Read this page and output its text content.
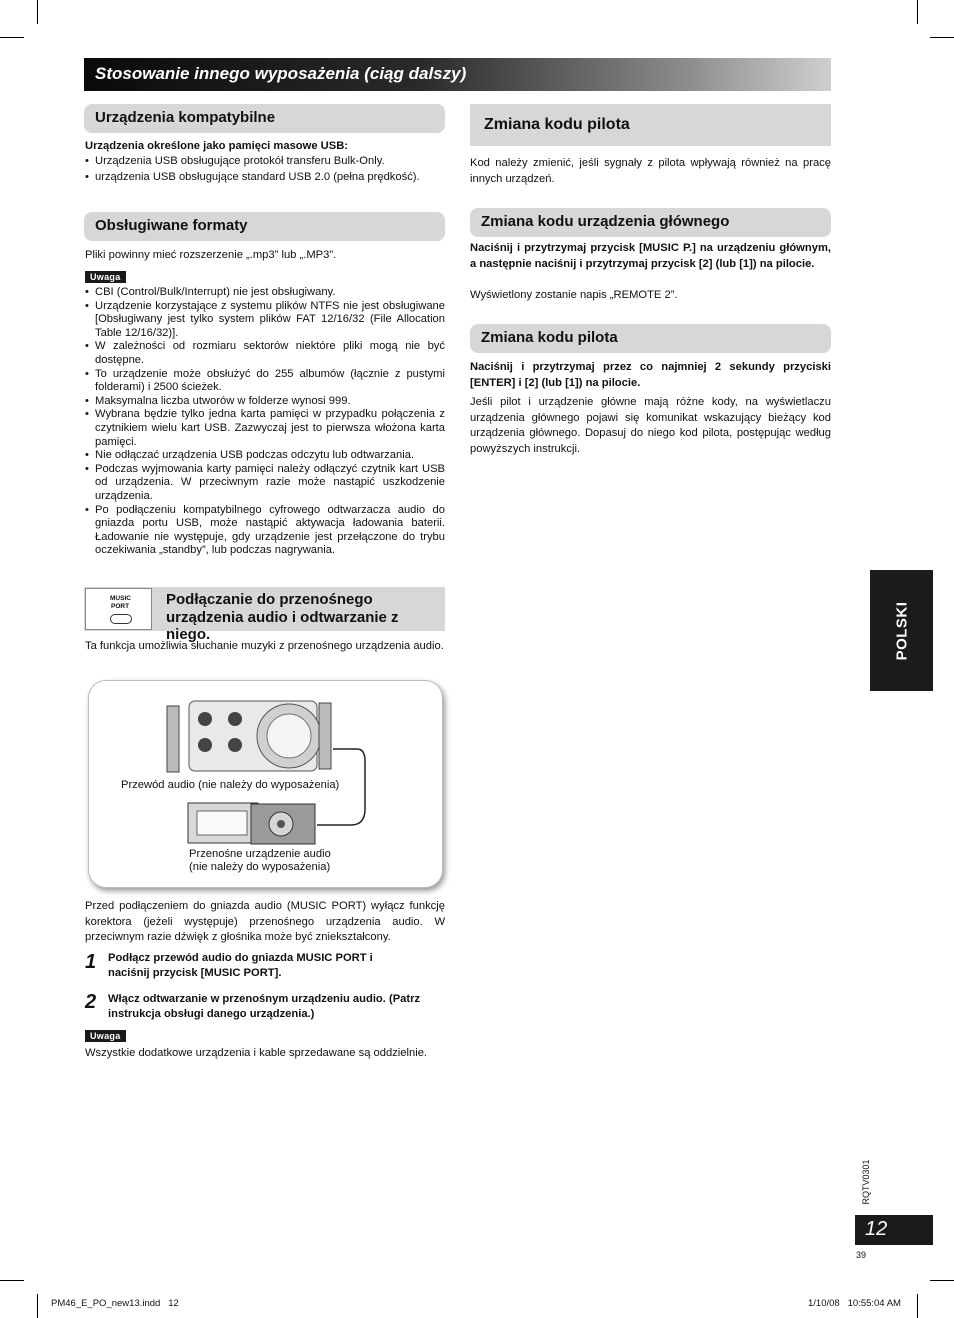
Stosowanie innego wyposażenia (ciąg dalszy)
Urządzenia kompatybilne
Urządzenia określone jako pamięci masowe USB:
• Urządzenia USB obsługujące protokół transferu Bulk-Only.
• urządzenia USB obsługujące standard USB 2.0 (pełna prędkość).
Obsługiwane formaty
Pliki powinny mieć rozszerzenie „.mp3” lub „.MP3”.
Uwaga
• CBI (Control/Bulk/Interrupt) nie jest obsługiwany.
• Urządzenie korzystające z systemu plików NTFS nie jest obsługiwane [Obsługiwany jest tylko system plików FAT 12/16/32 (File Allocation Table 12/16/32)].
• W zależności od rozmiaru sektorów niektóre pliki mogą nie być dostępne.
• To urządzenie może obsłużyć do 255 albumów (łącznie z pustymi folderami) i 2500 ścieżek.
• Maksymalna liczba utworów w folderze wynosi 999.
• Wybrana będzie tylko jedna karta pamięci w przypadku połączenia z czytnikiem wielu kart USB. Zazwyczaj jest to pierwsza włożona karta pamięci.
• Nie odłączać urządzenia USB podczas odczytu lub odtwarzania.
• Podczas wyjmowania karty pamięci należy odłączyć czytnik kart USB od urządzenia. W przeciwnym razie może nastąpić uszkodzenie urządzenia.
• Po podłączeniu kompatybilnego cyfrowego odtwarzacza audio do gniazda portu USB, może nastąpić aktywacja ładowania baterii. Ładowanie nie występuje, gdy urządzenie jest przełączone do trybu oczekiwania „standby”, lub podczas nagrywania.
MUSIC
PORT Podłączanie do przenośnego
urządzenia audio i odtwarzanie z niego.
Ta funkcja umożliwia słuchanie muzyki z przenośnego urządzenia audio.
Przewód audio (nie należy do wyposażenia)
Przenośne urządzenie audio
(nie należy do wyposażenia)
Przed podłączeniem do gniazda audio (MUSIC PORT) wyłącz funkcję korektora (jeżeli występuje) przenośnego urządzenia audio. W przeciwnym razie dźwięk z głośnika może być zniekształcony.
1 Podłącz przewód audio do gniazda MUSIC PORT i naciśnij przycisk [MUSIC PORT].
2 Włącz odtwarzanie w przenośnym urządzeniu audio. (Patrz instrukcja obsługi danego urządzenia.)
Uwaga
Wszystkie dodatkowe urządzenia i kable sprzedawane są oddzielnie.
Zmiana kodu pilota
Kod należy zmienić, jeśli sygnały z pilota wpływają również na pracę innych urządzeń.
Zmiana kodu urządzenia głównego
Naciśnij i przytrzymaj przycisk [MUSIC P.] na urządzeniu głównym, a następnie naciśnij i przytrzymaj przycisk [2] (lub [1]) na pilocie.
Wyświetlony zostanie napis „REMOTE 2”.
Zmiana kodu pilota
Naciśnij i przytrzymaj przez co najmniej 2 sekundy przyciski [ENTER] i [2] (lub [1]) na pilocie.
Jeśli pilot i urządzenie główne mają różne kody, na wyświetlaczu urządzenia głównego pojawi się komunikat wskazujący bieżący kod urządzenia głównego. Dopasuj do niego kod pilota, postępując według powyższych instrukcji.
POLSKI
RQTV0301
12
39
PM46_E_PO_new13.indd   12	1/10/08   10:55:04 AM
